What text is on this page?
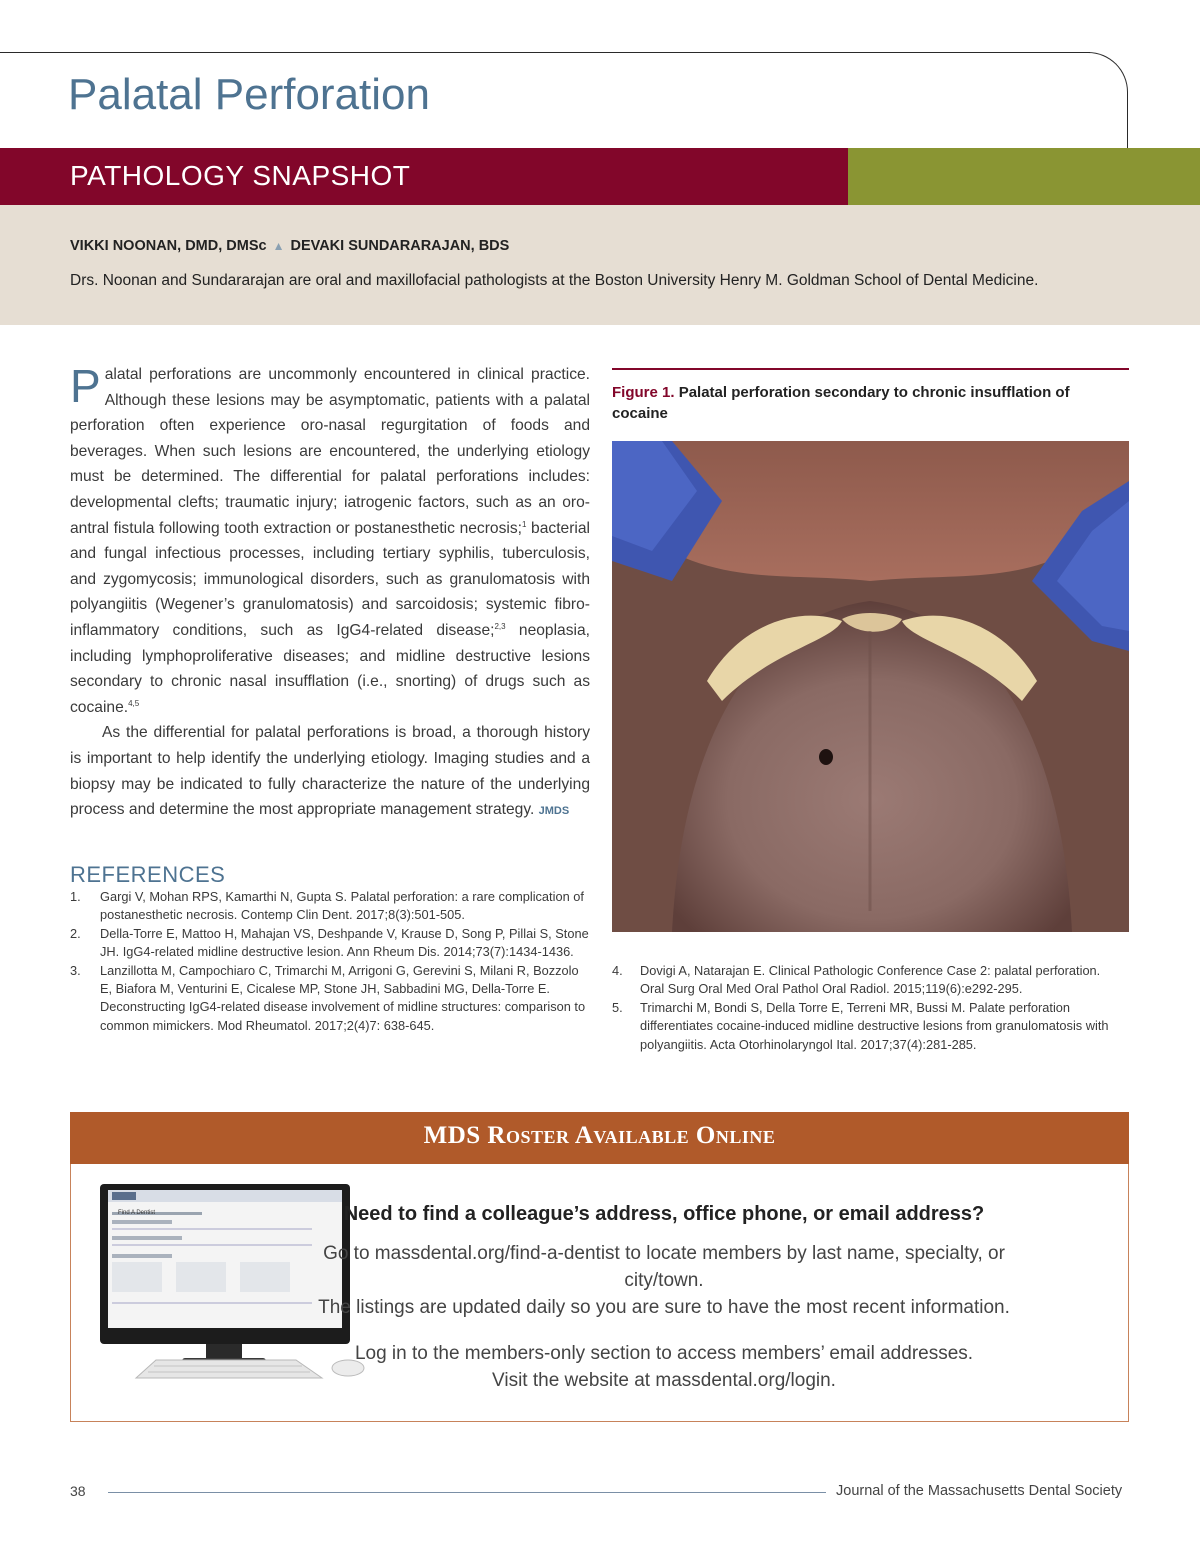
Palatal Perforation
PATHOLOGY SNAPSHOT
VIKKI NOONAN, DMD, DMSc ▲ DEVAKI SUNDARARAJAN, BDS
Drs. Noonan and Sundararajan are oral and maxillofacial pathologists at the Boston University Henry M. Goldman School of Dental Medicine.

Palatal perforations are uncommonly encountered in clinical practice. Although these lesions may be asymptomatic, patients with a palatal perforation often experience oro-nasal regurgitation of foods and beverages. When such lesions are encountered, the underlying etiology must be determined. The differential for palatal perforations includes: developmental clefts; traumatic injury; iatrogenic factors, such as an oro-antral fistula following tooth extraction or postanesthetic necrosis;$^1$ bacterial and fungal infectious processes, including tertiary syphilis, tuberculosis, and zygomycosis; immunological disorders, such as granulomatosis with polyangiitis (Wegener’s granulomatosis) and sarcoidosis; systemic fibro-inflammatory conditions, such as IgG4-related disease;$^{2,3}$ neoplasia, including lymphoproliferative diseases; and midline destructive lesions secondary to chronic nasal insufflation (i.e., snorting) of drugs such as cocaine.$^{4,5}$

As the differential for palatal perforations is broad, a thorough history is important to help identify the underlying etiology. Imaging studies and a biopsy may be indicated to fully characterize the nature of the underlying process and determine the most appropriate management strategy. JMDS

REFERENCES
1. Gargi V, Mohan RPS, Kamarthi N, Gupta S. Palatal perforation: a rare complication of postanesthetic necrosis. Contemp Clin Dent. 2017;8(3):501-505.
2. Della-Torre E, Mattoo H, Mahajan VS, Deshpande V, Krause D, Song P, Pillai S, Stone JH. IgG4-related midline destructive lesion. Ann Rheum Dis. 2014;73(7):1434-1436.
3. Lanzillotta M, Campochiaro C, Trimarchi M, Arrigoni G, Gerevini S, Milani R, Bozzolo E, Biafora M, Venturini E, Cicalese MP, Stone JH, Sabbadini MG, Della-Torre E. Deconstructing IgG4-related disease involvement of midline structures: comparison to common mimickers. Mod Rheumatol. 2017;2(4)7: 638-645.
Figure 1. Palatal perforation secondary to chronic insufflation of cocaine
4. Dovigi A, Natarajan E. Clinical Pathologic Conference Case 2: palatal perforation. Oral Surg Oral Med Oral Pathol Oral Radiol. 2015;119(6):e292-295.
5. Trimarchi M, Bondi S, Della Torre E, Terreni MR, Bussi M. Palate perforation differentiates cocaine-induced midline destructive lesions from granulomatosis with polyangiitis. Acta Otorhinolaryngol Ital. 2017;37(4):281-285.
MDS Roster Available Online
Find A Dentist	Need to find a colleague’s address, office phone, or email address?
Go to massdental.org/find-a-dentist to locate members by last name, specialty, or city/town.
The listings are updated daily so you are sure to have the most recent information.
Log in to the members-only section to access members’ email addresses.
Visit the website at massdental.org/login.
38	Journal of the Massachusetts Dental Society
